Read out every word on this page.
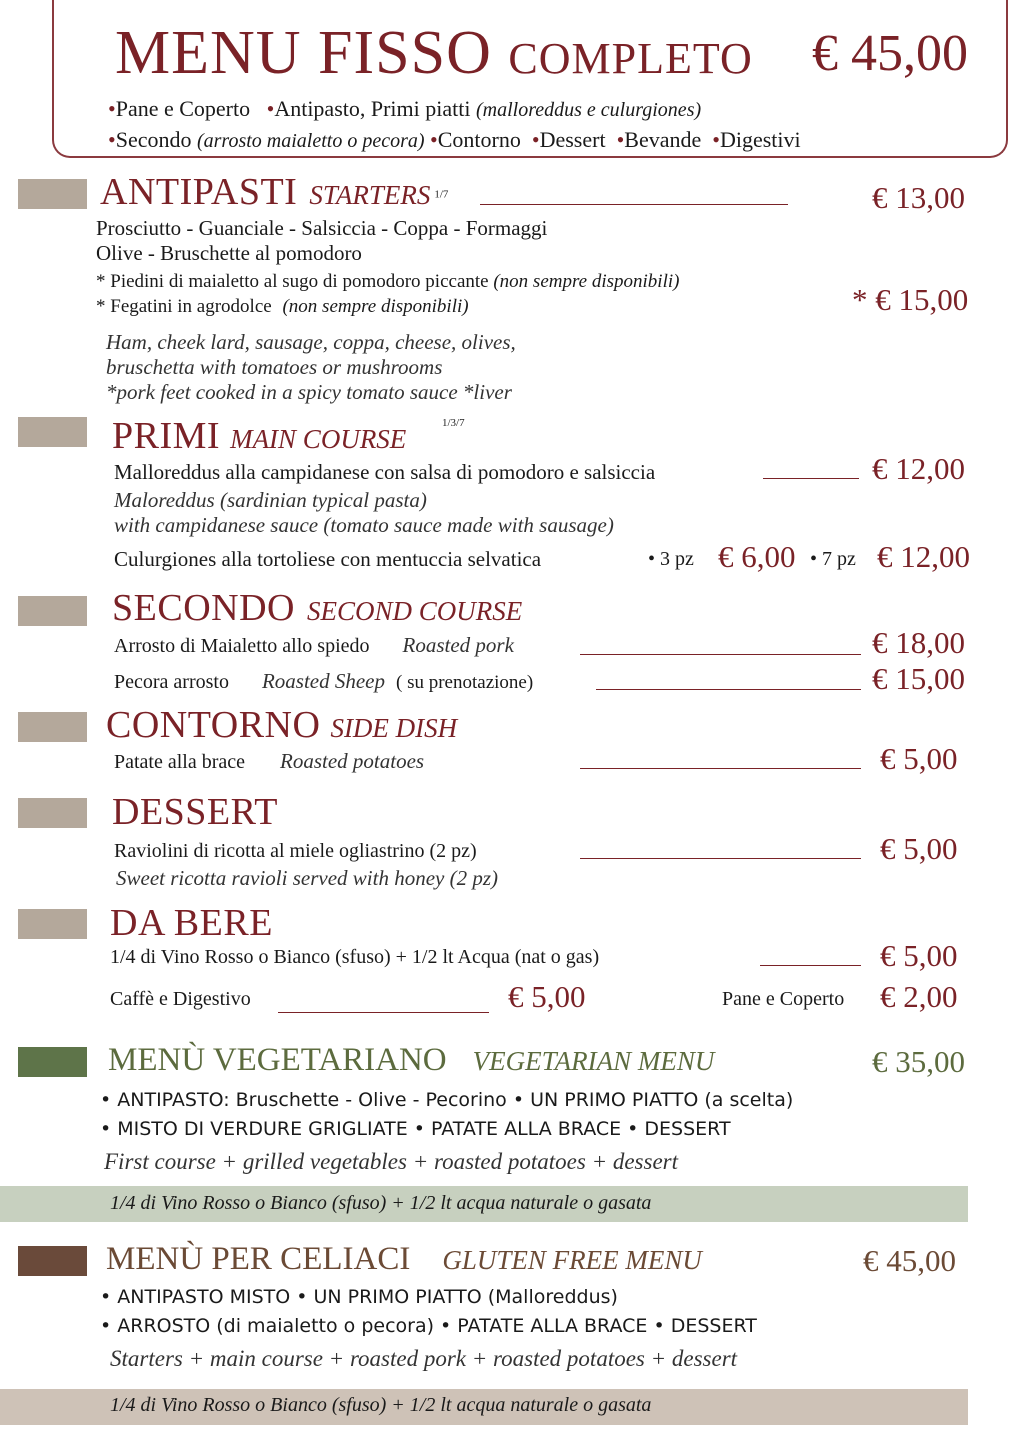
MENU FISSO COMPLETO € 45,00
•Pane e Coperto •Antipasto, Primi piatti (malloreddus e culurgiones)
•Secondo (arrosto maialetto o pecora) •Contorno •Dessert •Bevande •Digestivi
ANTIPASTI STARTERS $^{1/7}$	€ 13,00
Prosciutto - Guanciale - Salsiccia - Coppa - Formaggi
Olive - Bruschette al pomodoro
* Piedini di maialetto al sugo di pomodoro piccante (non sempre disponibili)
* Fegatini in agrodolce (non sempre disponibili)	* € 15,00
Ham, cheek lard, sausage, coppa, cheese, olives,
bruschetta with tomatoes or mushrooms
*pork feet cooked in a spicy tomato sauce *liver
PRIMI MAIN COURSE
1/3/7
Malloreddus alla campidanese con salsa di pomodoro e salsiccia	€ 12,00
Maloreddus (sardinian typical pasta)
with campidanese sauce (tomato sauce made with sausage)
Culurgiones alla tortoliese con mentuccia selvatica	• 3 pz € 6,00 • 7 pz € 12,00
SECONDO SECOND COURSE
Arrosto di Maialetto allo spiedo Roasted pork	€ 18,00
Pecora arrosto Roasted Sheep ( su prenotazione)	€ 15,00
CONTORNO SIDE DISH
Patate alla brace Roasted potatoes	€ 5,00
DESSERT
Raviolini di ricotta al miele ogliastrino (2 pz)	€ 5,00
Sweet ricotta ravioli served with honey (2 pz)
DA BERE
1/4 di Vino Rosso o Bianco (sfuso) + 1/2 lt Acqua (nat o gas)	€ 5,00
Caffè e Digestivo	€ 5,00	Pane e Coperto € 2,00
MENÙ VEGETARIANO VEGETARIAN MENU	€ 35,00
• ANTIPASTO: Bruschette - Olive - Pecorino • UN PRIMO PIATTO (a scelta)
• MISTO DI VERDURE GRIGLIATE • PATATE ALLA BRACE • DESSERT
First course + grilled vegetables + roasted potatoes + dessert
1/4 di Vino Rosso o Bianco (sfuso) + 1/2 lt acqua naturale o gasata
MENÙ PER CELIACI GLUTEN FREE MENU	€ 45,00
• ANTIPASTO MISTO • UN PRIMO PIATTO (Malloreddus)
• ARROSTO (di maialetto o pecora) • PATATE ALLA BRACE • DESSERT
Starters + main course + roasted pork + roasted potatoes + dessert
1/4 di Vino Rosso o Bianco (sfuso) + 1/2 lt acqua naturale o gasata
